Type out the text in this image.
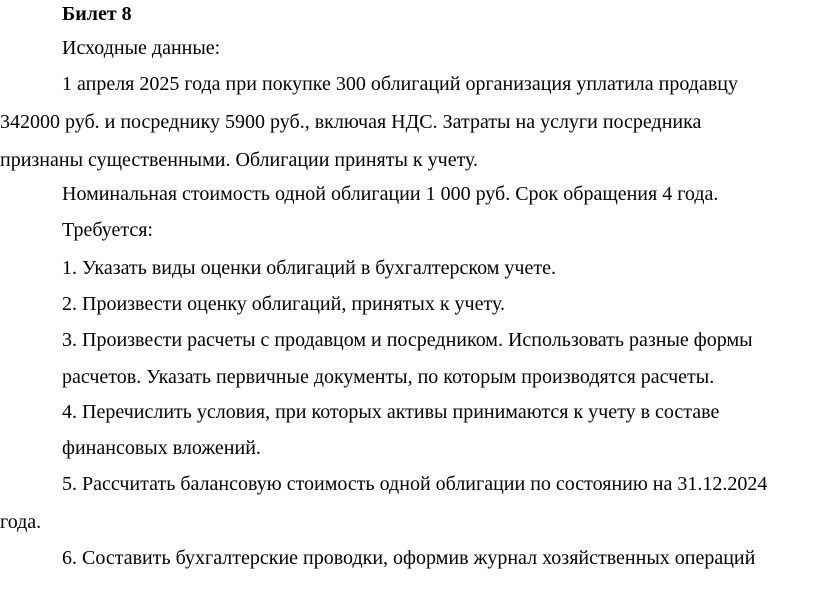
Билет 8

Исходные данные:

1 апреля 2025 года при покупке 300 облигаций организация уплатила продавцу

342000 руб. и посреднику 5900 руб., включая НДС. Затраты на услуги посредника

признаны существенными. Облигации приняты к учету.

Номинальная стоимость одной облигации 1 000 руб. Срок обращения 4 года.

Требуется:

1. Указать виды оценки облигаций в бухгалтерском учете.

2. Произвести оценку облигаций, принятых к учету.

3. Произвести расчеты с продавцом и посредником. Использовать разные формы

расчетов. Указать первичные документы, по которым производятся расчеты.

4. Перечислить условия, при которых активы принимаются к учету в составе

финансовых вложений.

5. Рассчитать балансовую стоимость одной облигации по состоянию на 31.12.2024

года.

6. Составить бухгалтерские проводки, оформив журнал хозяйственных операций
